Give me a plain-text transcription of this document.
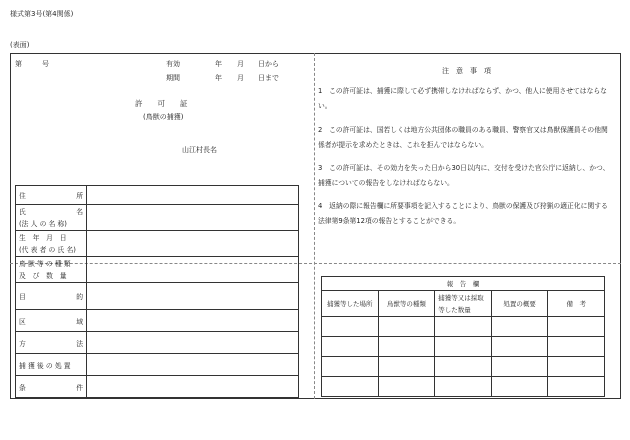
様式第3号(第4関係)
(表面)
第	号	有効	年 月 日から
期間	年 月 日まで
許　　可　　証
(鳥獣の捕獲)
山江村長名
住 所	

氏 名
(法 人 の 名 称)	

生　年　月　日
(代 表 者 の 氏 名)	

鳥 獣 等 の 種 類
及　び　数　量	

目 的	

区 域	

方 法	

捕 獲 後 の 処 置	

条 件	

注　意　事　項
1　この許可証は、捕獲に際して必ず携帯しなければならず、かつ、他人に使用させてはならない。
2　この許可証は、国若しくは地方公共団体の職員のある職員、警察官又は鳥獣保護員その他関係者が提示を求めたときは、これを拒んではならない。
3　この許可証は、その効力を失った日から30日以内に、交付を受けた官公庁に返納し、かつ、捕獲についての報告をしなければならない。
4　返納の際に報告欄に所要事項を記入することにより、鳥獣の保護及び狩猟の適正化に関する法律第9条第12項の報告とすることができる。
報　告　欄				
捕獲等した場所	鳥獣等の種類	捕獲等又は採取等した数量	処置の概要	備　考
